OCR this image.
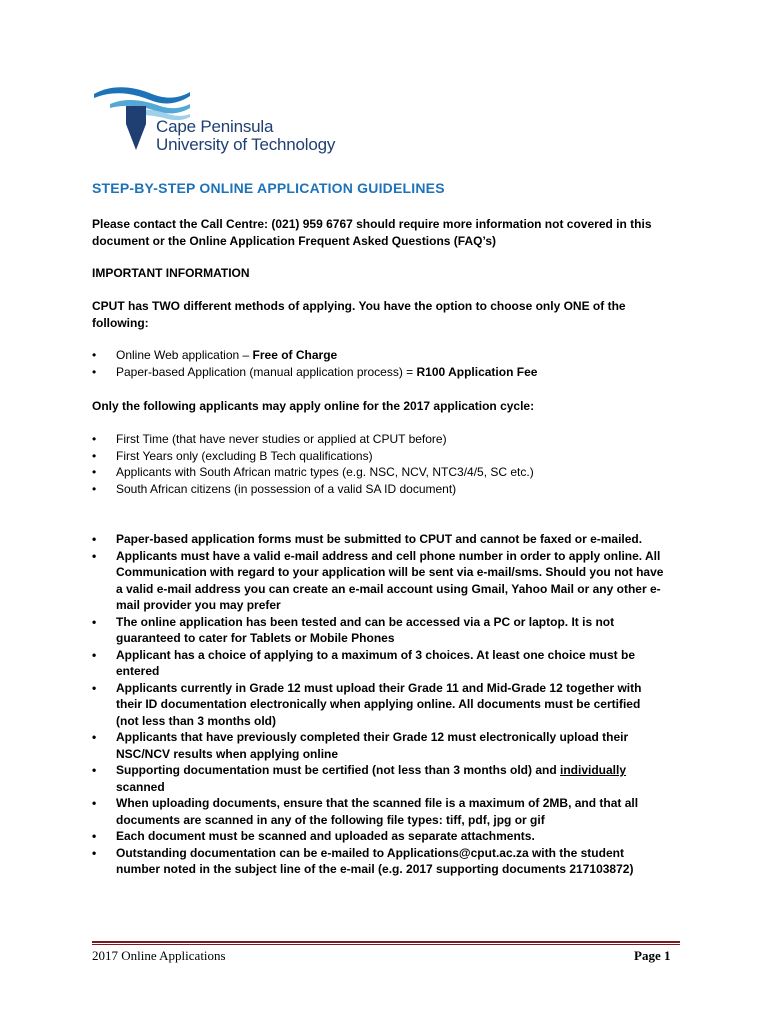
Cape Peninsula
University of Technology
STEP-BY-STEP ONLINE APPLICATION GUIDELINES
Please contact the Call Centre: (021) 959 6767 should require more information not covered in this
document or the Online Application Frequent Asked Questions (FAQ’s)
IMPORTANT INFORMATION
CPUT has TWO different methods of applying. You have the option to choose only ONE of the
following:
•
Online Web application – Free of Charge
•
Paper-based Application (manual application process) = R100 Application Fee
Only the following applicants may apply online for the 2017 application cycle:
•
First Time (that have never studies or applied at CPUT before)
•
First Years only (excluding B Tech qualifications)
•
Applicants with South African matric types (e.g. NSC, NCV, NTC3/4/5, SC etc.)
•
South African citizens (in possession of a valid SA ID document)
•
Paper-based application forms must be submitted to CPUT and cannot be faxed or e-mailed.
•
Applicants must have a valid e-mail address and cell phone number in order to apply online. All
Communication with regard to your application will be sent via e-mail/sms. Should you not have
a valid e-mail address you can create an e-mail account using Gmail, Yahoo Mail or any other e-
mail provider you may prefer
•
The online application has been tested and can be accessed via a PC or laptop. It is not
guaranteed to cater for Tablets or Mobile Phones
•
Applicant has a choice of applying to a maximum of 3 choices. At least one choice must be
entered
•
Applicants currently in Grade 12 must upload their Grade 11 and Mid-Grade 12 together with
their ID documentation electronically when applying online. All documents must be certified
(not less than 3 months old)
•
Applicants that have previously completed their Grade 12 must electronically upload their
NSC/NCV results when applying online
•
Supporting documentation must be certified (not less than 3 months old) and individually
scanned
•
When uploading documents, ensure that the scanned file is a maximum of 2MB, and that all
documents are scanned in any of the following file types: tiff, pdf, jpg or gif
•
Each document must be scanned and uploaded as separate attachments.
•
Outstanding documentation can be e-mailed to Applications@cput.ac.za with the student
number noted in the subject line of the e-mail (e.g. 2017 supporting documents 217103872)
2017 Online Applications	Page 1
